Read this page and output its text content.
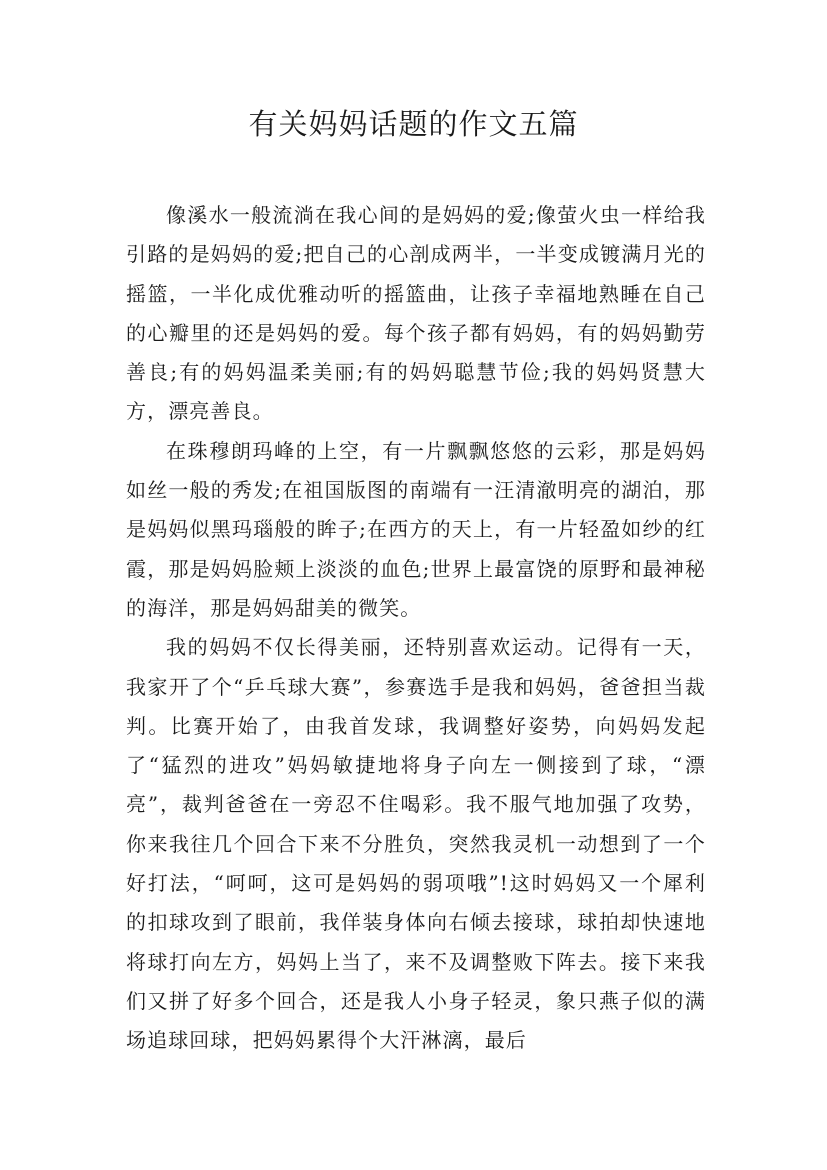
有关妈妈话题的作文五篇

像溪水一般流淌在我心间的是妈妈的爱;像萤火虫一样给我引路的是妈妈的爱;把自己的心剖成两半，一半变成镀满月光的摇篮，一半化成优雅动听的摇篮曲，让孩子幸福地熟睡在自己的心瓣里的还是妈妈的爱。每个孩子都有妈妈，有的妈妈勤劳善良;有的妈妈温柔美丽;有的妈妈聪慧节俭;我的妈妈贤慧大方，漂亮善良。

在珠穆朗玛峰的上空，有一片飘飘悠悠的云彩，那是妈妈如丝一般的秀发;在祖国版图的南端有一汪清澈明亮的湖泊，那是妈妈似黑玛瑙般的眸子;在西方的天上，有一片轻盈如纱的红霞，那是妈妈脸颊上淡淡的血色;世界上最富饶的原野和最神秘的海洋，那是妈妈甜美的微笑。

我的妈妈不仅长得美丽，还特别喜欢运动。记得有一天，我家开了个“乒乓球大赛”，参赛选手是我和妈妈，爸爸担当裁判。比赛开始了，由我首发球，我调整好姿势，向妈妈发起了“猛烈的进攻”妈妈敏捷地将身子向左一侧接到了球，“漂亮”，裁判爸爸在一旁忍不住喝彩。我不服气地加强了攻势，你来我往几个回合下来不分胜负，突然我灵机一动想到了一个好打法，“呵呵，这可是妈妈的弱项哦”!这时妈妈又一个犀利的扣球攻到了眼前，我佯装身体向右倾去接球，球拍却快速地将球打向左方，妈妈上当了，来不及调整败下阵去。接下来我们又拼了好多个回合，还是我人小身子轻灵，象只燕子似的满场追球回球，把妈妈累得个大汗淋漓，最后
